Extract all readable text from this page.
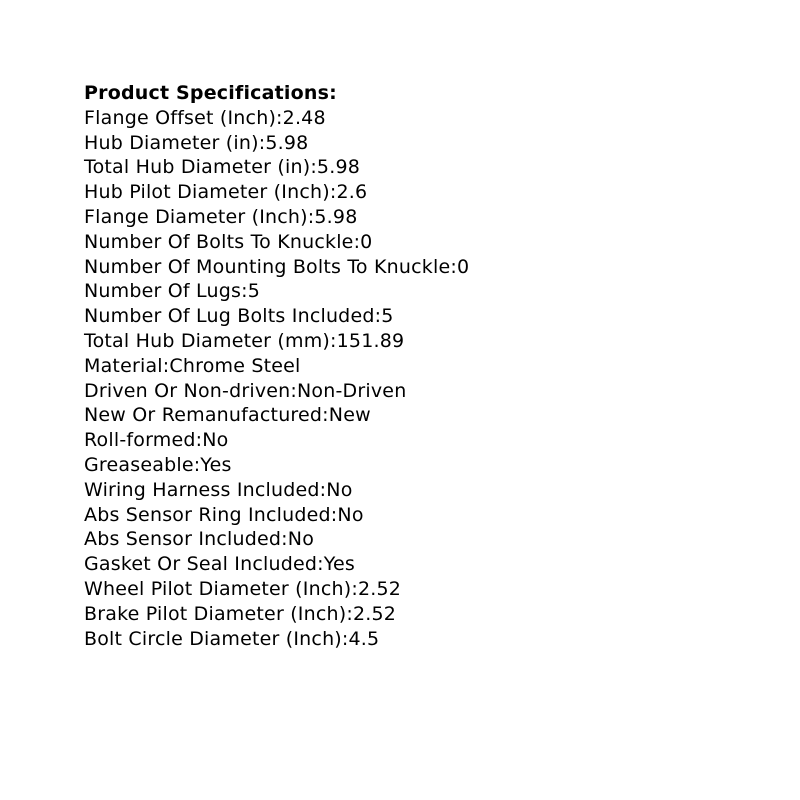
Product Specifications:
Flange Offset (Inch):2.48
Hub Diameter (in):5.98
Total Hub Diameter (in):5.98
Hub Pilot Diameter (Inch):2.6
Flange Diameter (Inch):5.98
Number Of Bolts To Knuckle:0
Number Of Mounting Bolts To Knuckle:0
Number Of Lugs:5
Number Of Lug Bolts Included:5
Total Hub Diameter (mm):151.89
Material:Chrome Steel
Driven Or Non-driven:Non-Driven
New Or Remanufactured:New
Roll-formed:No
Greaseable:Yes
Wiring Harness Included:No
Abs Sensor Ring Included:No
Abs Sensor Included:No
Gasket Or Seal Included:Yes
Wheel Pilot Diameter (Inch):2.52
Brake Pilot Diameter (Inch):2.52
Bolt Circle Diameter (Inch):4.5
